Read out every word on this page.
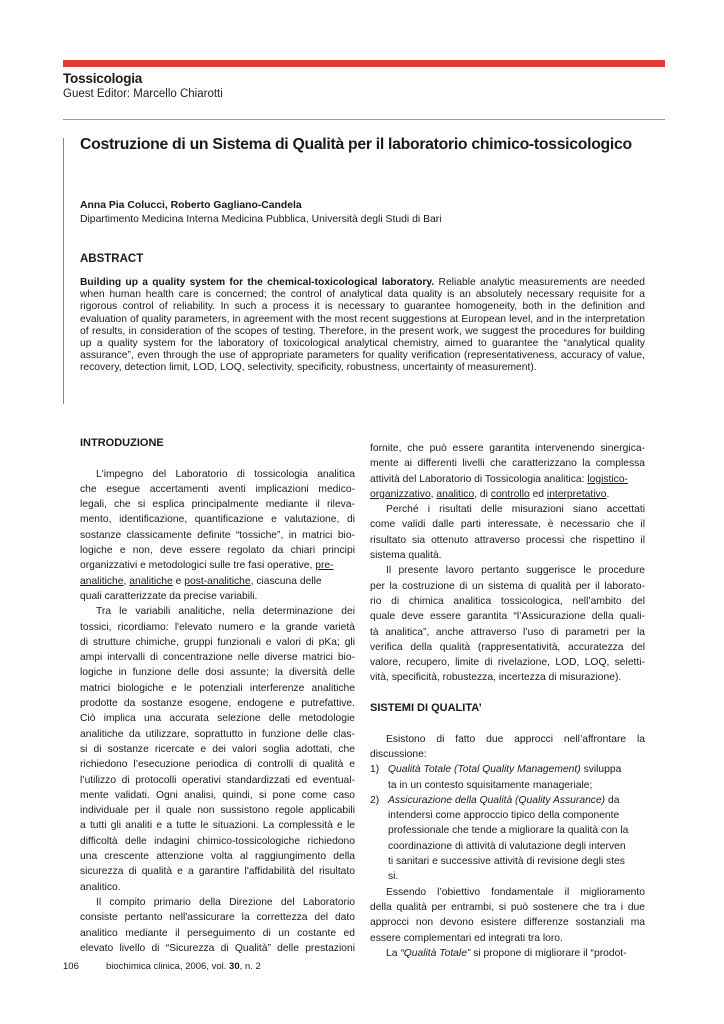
Tossicologia
Guest Editor: Marcello Chiarotti
Costruzione di un Sistema di Qualità per il laboratorio chimico-tossicologico
Anna Pia Colucci, Roberto Gagliano-Candela
Dipartimento Medicina Interna Medicina Pubblica, Università degli Studi di Bari
ABSTRACT
Building up a quality system for the chemical-toxicological laboratory. Reliable analytic measurements are needed when human health care is concerned; the control of analytical data quality is an absolutely necessary requisite for a rigorous control of reliability. In such a process it is necessary to guarantee homogeneity, both in the definition and evaluation of quality parameters, in agreement with the most recent suggestions at European level, and in the interpretation of results, in consideration of the scopes of testing. Therefore, in the present work, we suggest the procedures for building up a quality system for the laboratory of toxicological analytical chemistry, aimed to guarantee the “analytical quality assurance”, even through the use of appropriate parameters for quality verification (representativeness, accuracy of value, recovery, detection limit, LOD, LOQ, selectivity, specificity, robustness, uncertainty of measurement).
INTRODUZIONE
L'impegno del Laboratorio di tossicologia analitica
che esegue accertamenti aventi implicazioni medico-
legali, che si esplica principalmente mediante il rileva-
mento, identificazione, quantificazione e valutazione, di
sostanze classicamente definite “tossiche”, in matrici bio-
logiche e non, deve essere regolato da chiari principi
organizzativi e metodologici sulle tre fasi operative, pre-
analitiche, analitiche e post-analitiche, ciascuna delle
quali caratterizzate da precise variabili.
Tra le variabili analitiche, nella determinazione dei
tossici, ricordiamo: l'elevato numero e la grande varietà
di strutture chimiche, gruppi funzionali e valori di pKa; gli
ampi intervalli di concentrazione nelle diverse matrici bio-
logiche in funzione delle dosi assunte; la diversità delle
matrici biologiche e le potenziali interferenze analitiche
prodotte da sostanze esogene, endogene e putrefattive.
Ciò implica una accurata selezione delle metodologie
analitiche da utilizzare, soprattutto in funzione delle clas-
si di sostanze ricercate e dei valori soglia adottati, che
richiedono l’esecuzione periodica di controlli di qualità e
l’utilizzo di protocolli operativi standardizzati ed eventual-
mente validati. Ogni analisi, quindi, si pone come caso
individuale per il quale non sussistono regole applicabili
a tutti gli analiti e a tutte le situazioni. La complessità e le
difficoltà delle indagini chimico-tossicologiche richiedono
una crescente attenzione volta al raggiungimento della
sicurezza di qualità e a garantire l'affidabilità del risultato
analitico.
Il compito primario della Direzione del Laboratorio
consiste pertanto nell'assicurare la correttezza del dato
analitico mediante il perseguimento di un costante ed
elevato livello di “Sicurezza di Qualità” delle prestazioni
fornite, che può essere garantita intervenendo sinergica-
mente ai differenti livelli che caratterizzano la complessa
attività del Laboratorio di Tossicologia analitica: logistico-
organizzativo, analitico, di controllo ed interpretativo.
Perché i risultati delle misurazioni siano accettati
come validi dalle parti interessate, è necessario che il
risultato sia ottenuto attraverso processi che rispettino il
sistema qualità.
Il presente lavoro pertanto suggerisce le procedure
per la costruzione di un sistema di qualità per il laborato-
rio di chimica analitica tossicologica, nell’ambito del
quale deve essere garantita “l’Assicurazione della quali-
tà analitica”, anche attraverso l’uso di parametri per la
verifica della qualità (rappresentatività, accuratezza del
valore, recupero, limite di rivelazione, LOD, LOQ, seletti-
vità, specificità, robustezza, incertezza di misurazione).
SISTEMI DI QUALITA’
Esistono di fatto due approcci nell’affrontare la
discussione:
1) Qualità Totale (Total Quality Management) sviluppa
ta in un contesto squisitamente manageriale;
2) Assicurazione della Qualità (Quality Assurance) da
intendersi come approccio tipico della componente
professionale che tende a migliorare la qualità con la
coordinazione di attività di valutazione degli interven
ti sanitari e successive attività di revisione degli stes
si.
Essendo l’obiettivo fondamentale il miglioramento
della qualità per entrambi, si può sostenere che tra i due
approcci non devono esistere differenze sostanziali ma
essere complementari ed integrati tra loro.
La “Qualità Totale” si propone di migliorare il “prodot-
106	biochimica clinica, 2006, vol. 30, n. 2
